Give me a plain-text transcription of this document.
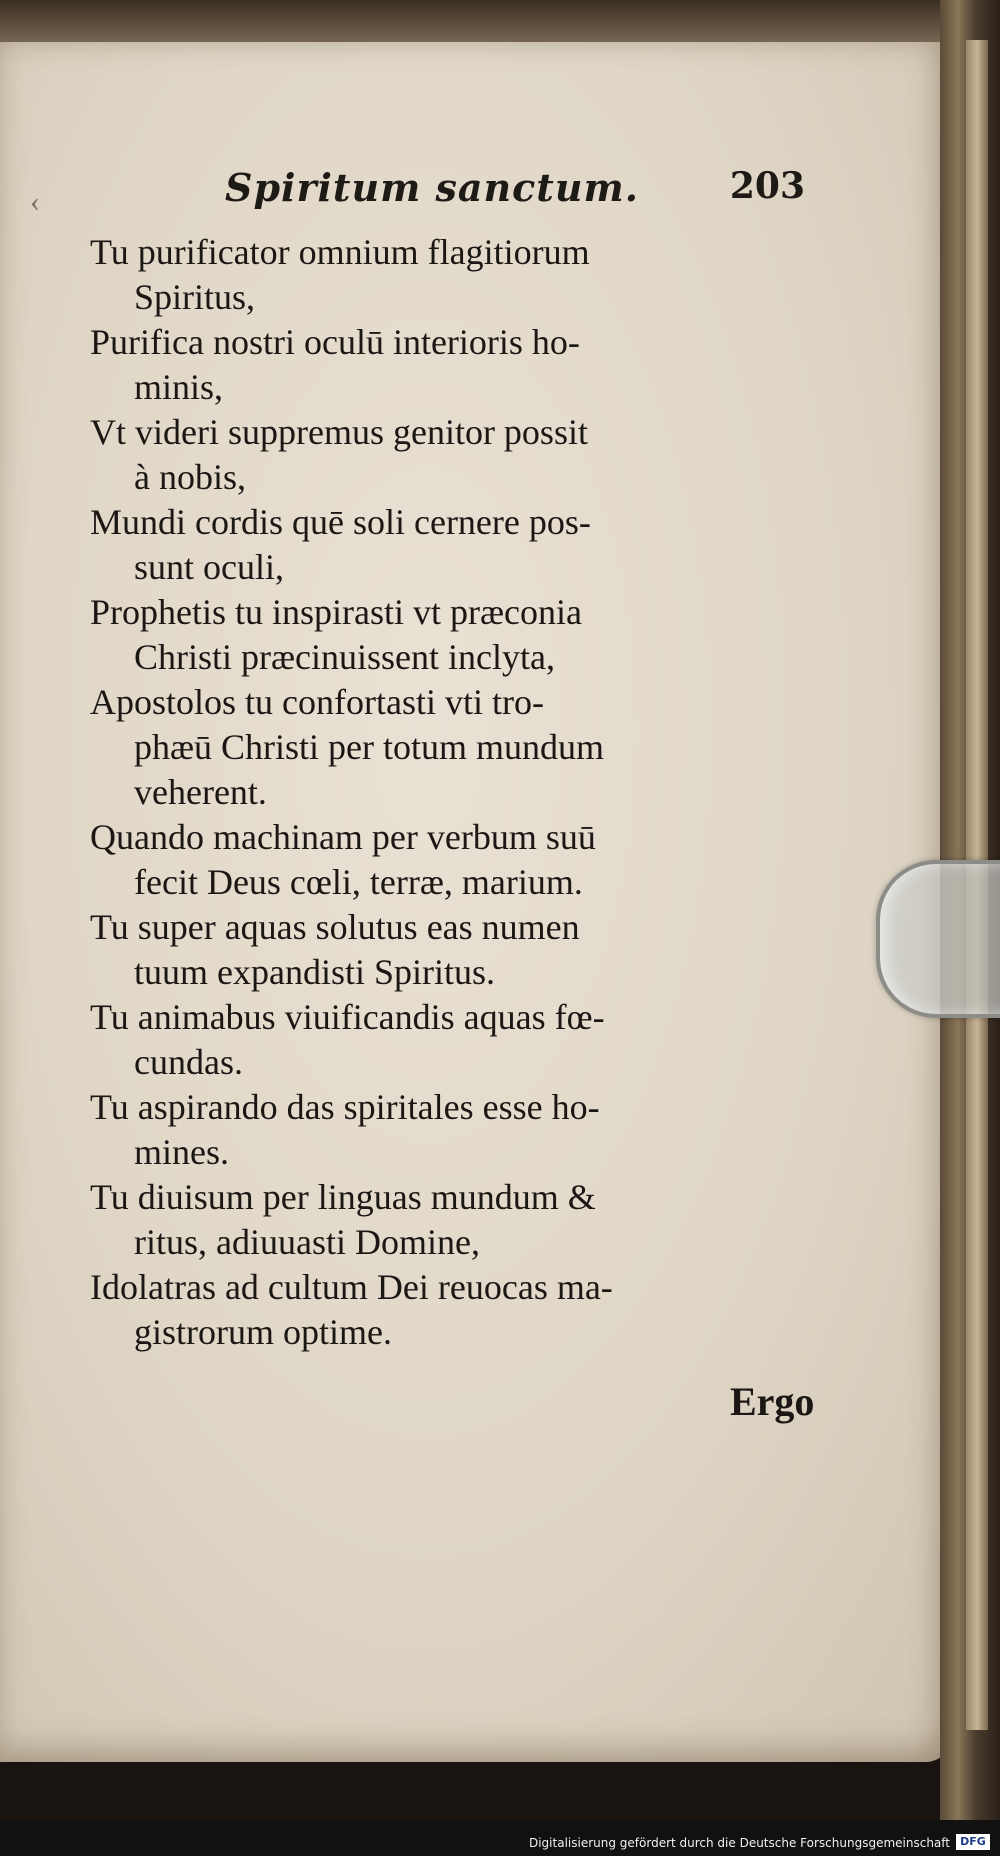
Spiritum sanctum.	203
Tu purificator omnium flagitiorum
Spiritus,
Purifica nostri oculū interioris ho-
minis,
Vt videri suppremus genitor possit
à nobis,
Mundi cordis quē soli cernere pos-
sunt oculi,
Prophetis tu inspirasti vt præconia
Christi præcinuissent inclyta,
Apostolos tu confortasti vti tro-
phæū Christi per totum mundum
veherent.
Quando machinam per verbum suū
fecit Deus cœli, terræ, marium.
Tu super aquas solutus eas numen
tuum expandisti Spiritus.
Tu animabus viuificandis aquas fœ-
cundas.
Tu aspirando das spiritales esse ho-
mines.
Tu diuisum per linguas mundum &
ritus, adiuuasti Domine,
Idolatras ad cultum Dei reuocas ma-
gistrorum optime.
Ergo
‹
Digitalisierung gefördert durch die Deutsche Forschungsgemeinschaft DFG
